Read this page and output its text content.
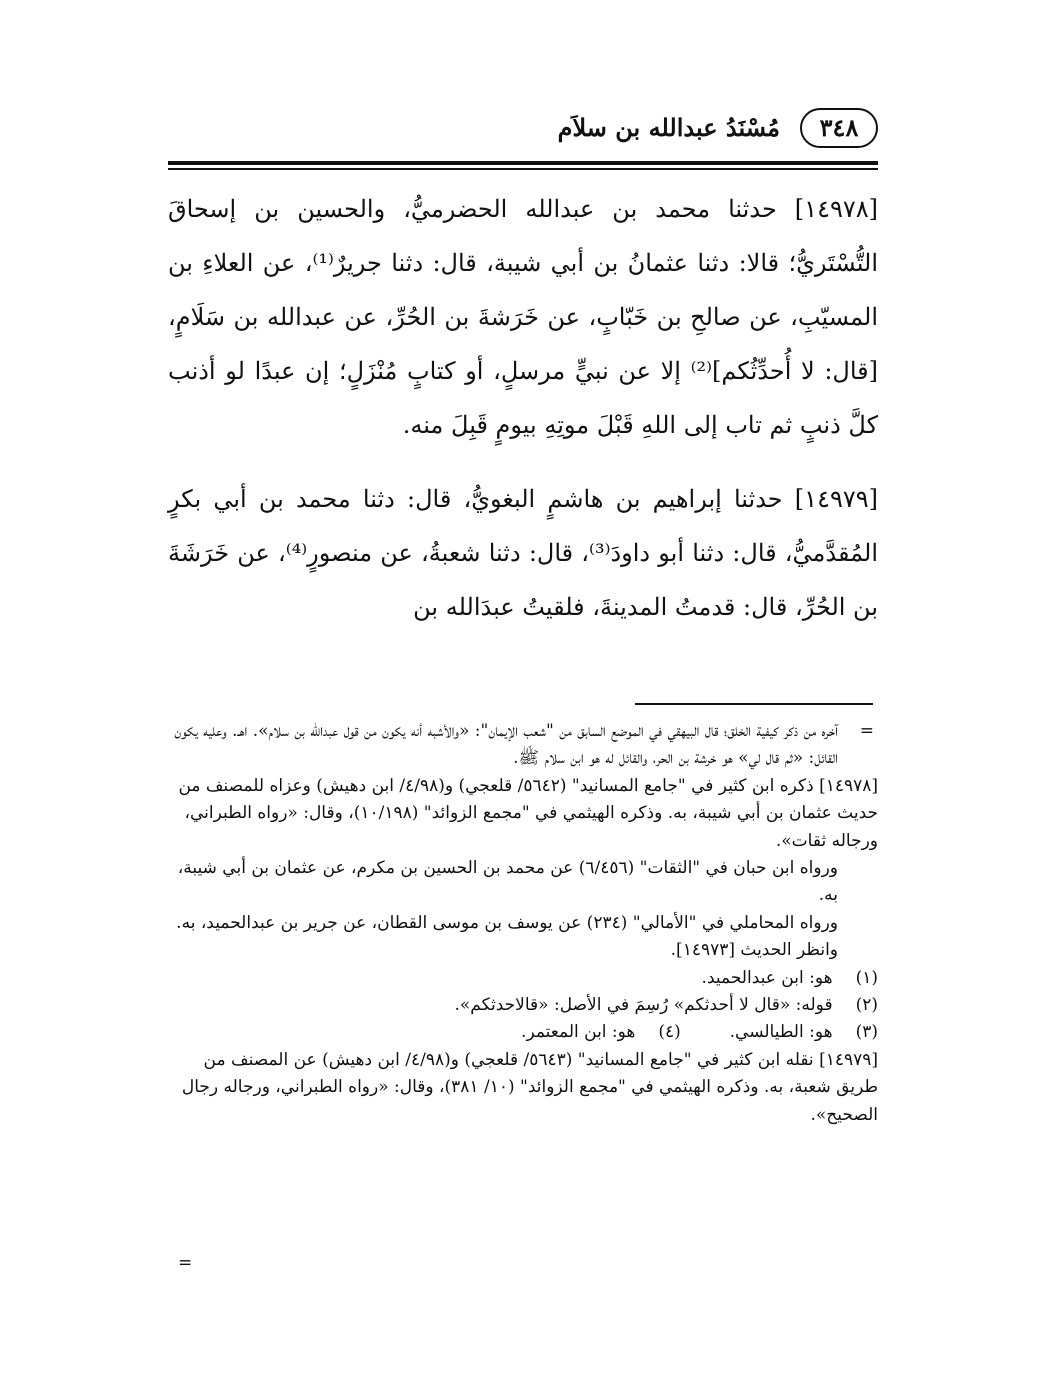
٣٤٨
مُسْنَدُ عبدالله بن سلاَم

[١٤٩٧٨] حدثنا محمد بن عبدالله الحضرميُّ، والحسين بن إسحاقَ التُّسْتَريُّ؛ قالا: دثنا عثمانُ بن أبي شيبة، قال: دثنا جريرٌ⁽¹⁾، عن العلاءِ بن المسيّبِ، عن صالحِ بن خَبّابٍ، عن خَرَشةَ بن الحُرِّ، عن عبدالله بن سَلَامٍ، [قال: لا أُحدِّثُكم]⁽²⁾ إلا عن نبيٍّ مرسلٍ، أو كتابٍ مُنْزَلٍ؛ إن عبدًا لو أذنب كلَّ ذنبٍ ثم تاب إلى اللهِ قَبْلَ موتِهِ بيومٍ قَبِلَ منه.

[١٤٩٧٩] حدثنا إبراهيم بن هاشمٍ البغويُّ، قال: دثنا محمد بن أبي بكرٍ المُقدَّميُّ، قال: دثنا أبو داودَ⁽³⁾، قال: دثنا شعبةُ، عن منصورٍ⁽⁴⁾، عن خَرَشَةَ بن الحُرِّ، قال: قدمتُ المدينةَ، فلقيتُ عبدَالله بن

=
آخره من ذكر كيفية الخلق؛ قال البيهقي في الموضع السابق من "شعب الإيمان": «والأشبه أنه يكون من قول عبدالله بن سلام». اهـ. وعليه يكون القائل: «ثم قال لي» هو خرشة بن الحر، والقائل له هو ابن سلام ﷺ.

[١٤٩٧٨] ذكره ابن كثير في "جامع المسانيد" (٥٦٤٢/ قلعجي) و(٤/٩٨/ ابن دهيش) وعزاه للمصنف من حديث عثمان بن أبي شيبة، به. وذكره الهيثمي في "مجمع الزوائد" (١٠/١٩٨)، وقال: «رواه الطبراني، ورجاله ثقات».

ورواه ابن حبان في "الثقات" (٦/٤٥٦) عن محمد بن الحسين بن مكرم، عن عثمان بن أبي شيبة، به.

ورواه المحاملي في "الأمالي" (٢٣٤) عن يوسف بن موسى القطان، عن جرير بن عبدالحميد، به. وانظر الحديث [١٤٩٧٣].

(١) هو: ابن عبدالحميد.

(٢) قوله: «قال لا أحدثكم» رُسِمَ في الأصل: «قالاحدثكم».

(٣) هو: الطيالسي.  (٤) هو: ابن المعتمر.

[١٤٩٧٩] نقله ابن كثير في "جامع المسانيد" (٥٦٤٣/ قلعجي) و(٤/٩٨/ ابن دهيش) عن المصنف من طريق شعبة، به. وذكره الهيثمي في "مجمع الزوائد" (١٠/ ٣٨١)، وقال: «رواه الطبراني، ورجاله رجال الصحيح».

=
